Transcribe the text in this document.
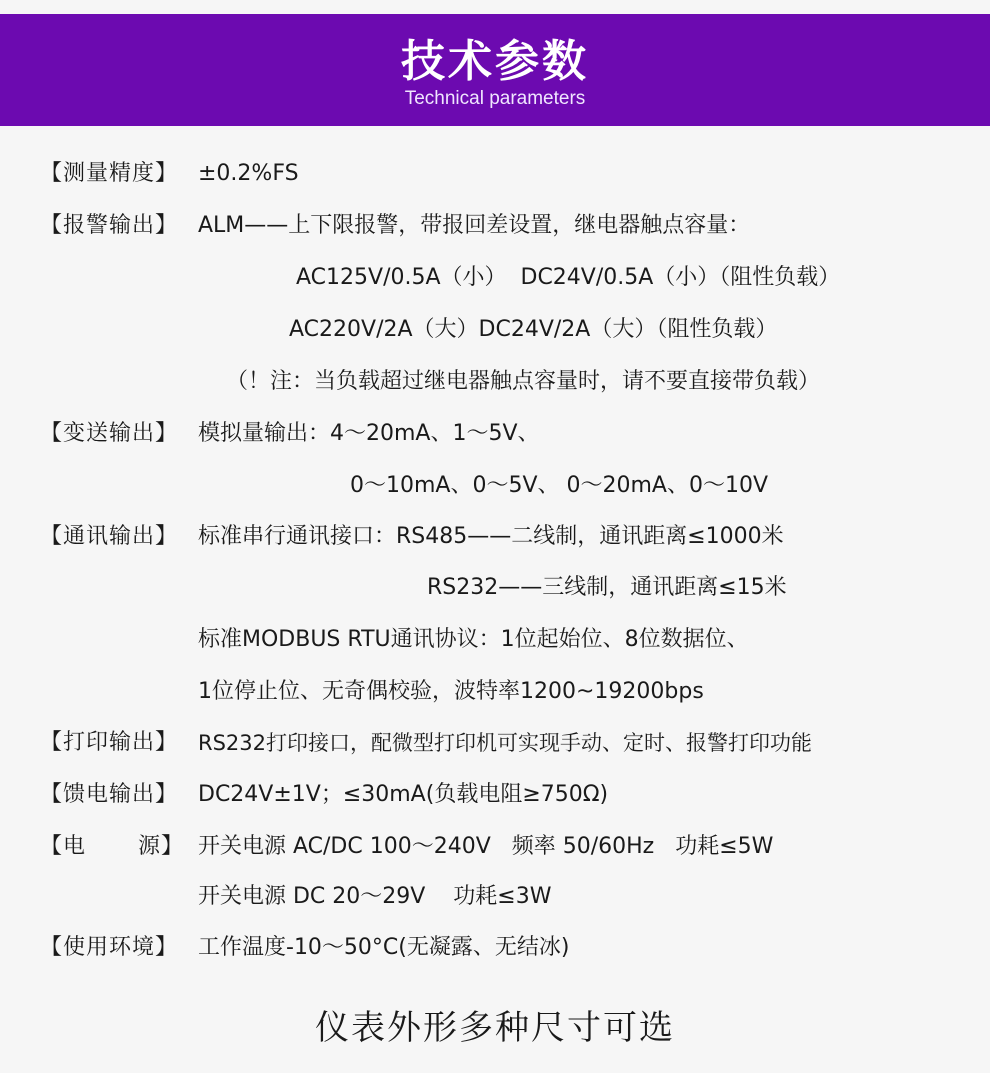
技术参数
Technical parameters
【测量精度】 ±0.2%FS
【报警输出】 ALM——上下限报警，带报回差设置，继电器触点容量：
AC125V/0.5A（小）  DC24V/0.5A（小）（阻性负载）
AC220V/2A（大）DC24V/2A（大）（阻性负载）
（！注：当负载超过继电器触点容量时，请不要直接带负载）
【变送输出】 模拟量输出：4～20mA、1～5V、
0～10mA、0～5V、 0～20mA、0～10V
【通讯输出】 标准串行通讯接口：RS485——二线制，通讯距离≤1000米
RS232——三线制，通讯距离≤15米
标准MODBUS RTU通讯协议：1位起始位、8位数据位、
1位停止位、无奇偶校验，波特率1200~19200bps
【打印输出】 RS232打印接口，配微型打印机可实现手动、定时、报警打印功能
【馈电输出】 DC24V±1V；≤30mA(负载电阻≥750Ω)
【电 源】 开关电源 AC/DC 100～240V   频率 50/60Hz   功耗≤5W
开关电源 DC 20～29V    功耗≤3W
【使用环境】 工作温度-10～50°C(无凝露、无结冰)
仪表外形多种尺寸可选
